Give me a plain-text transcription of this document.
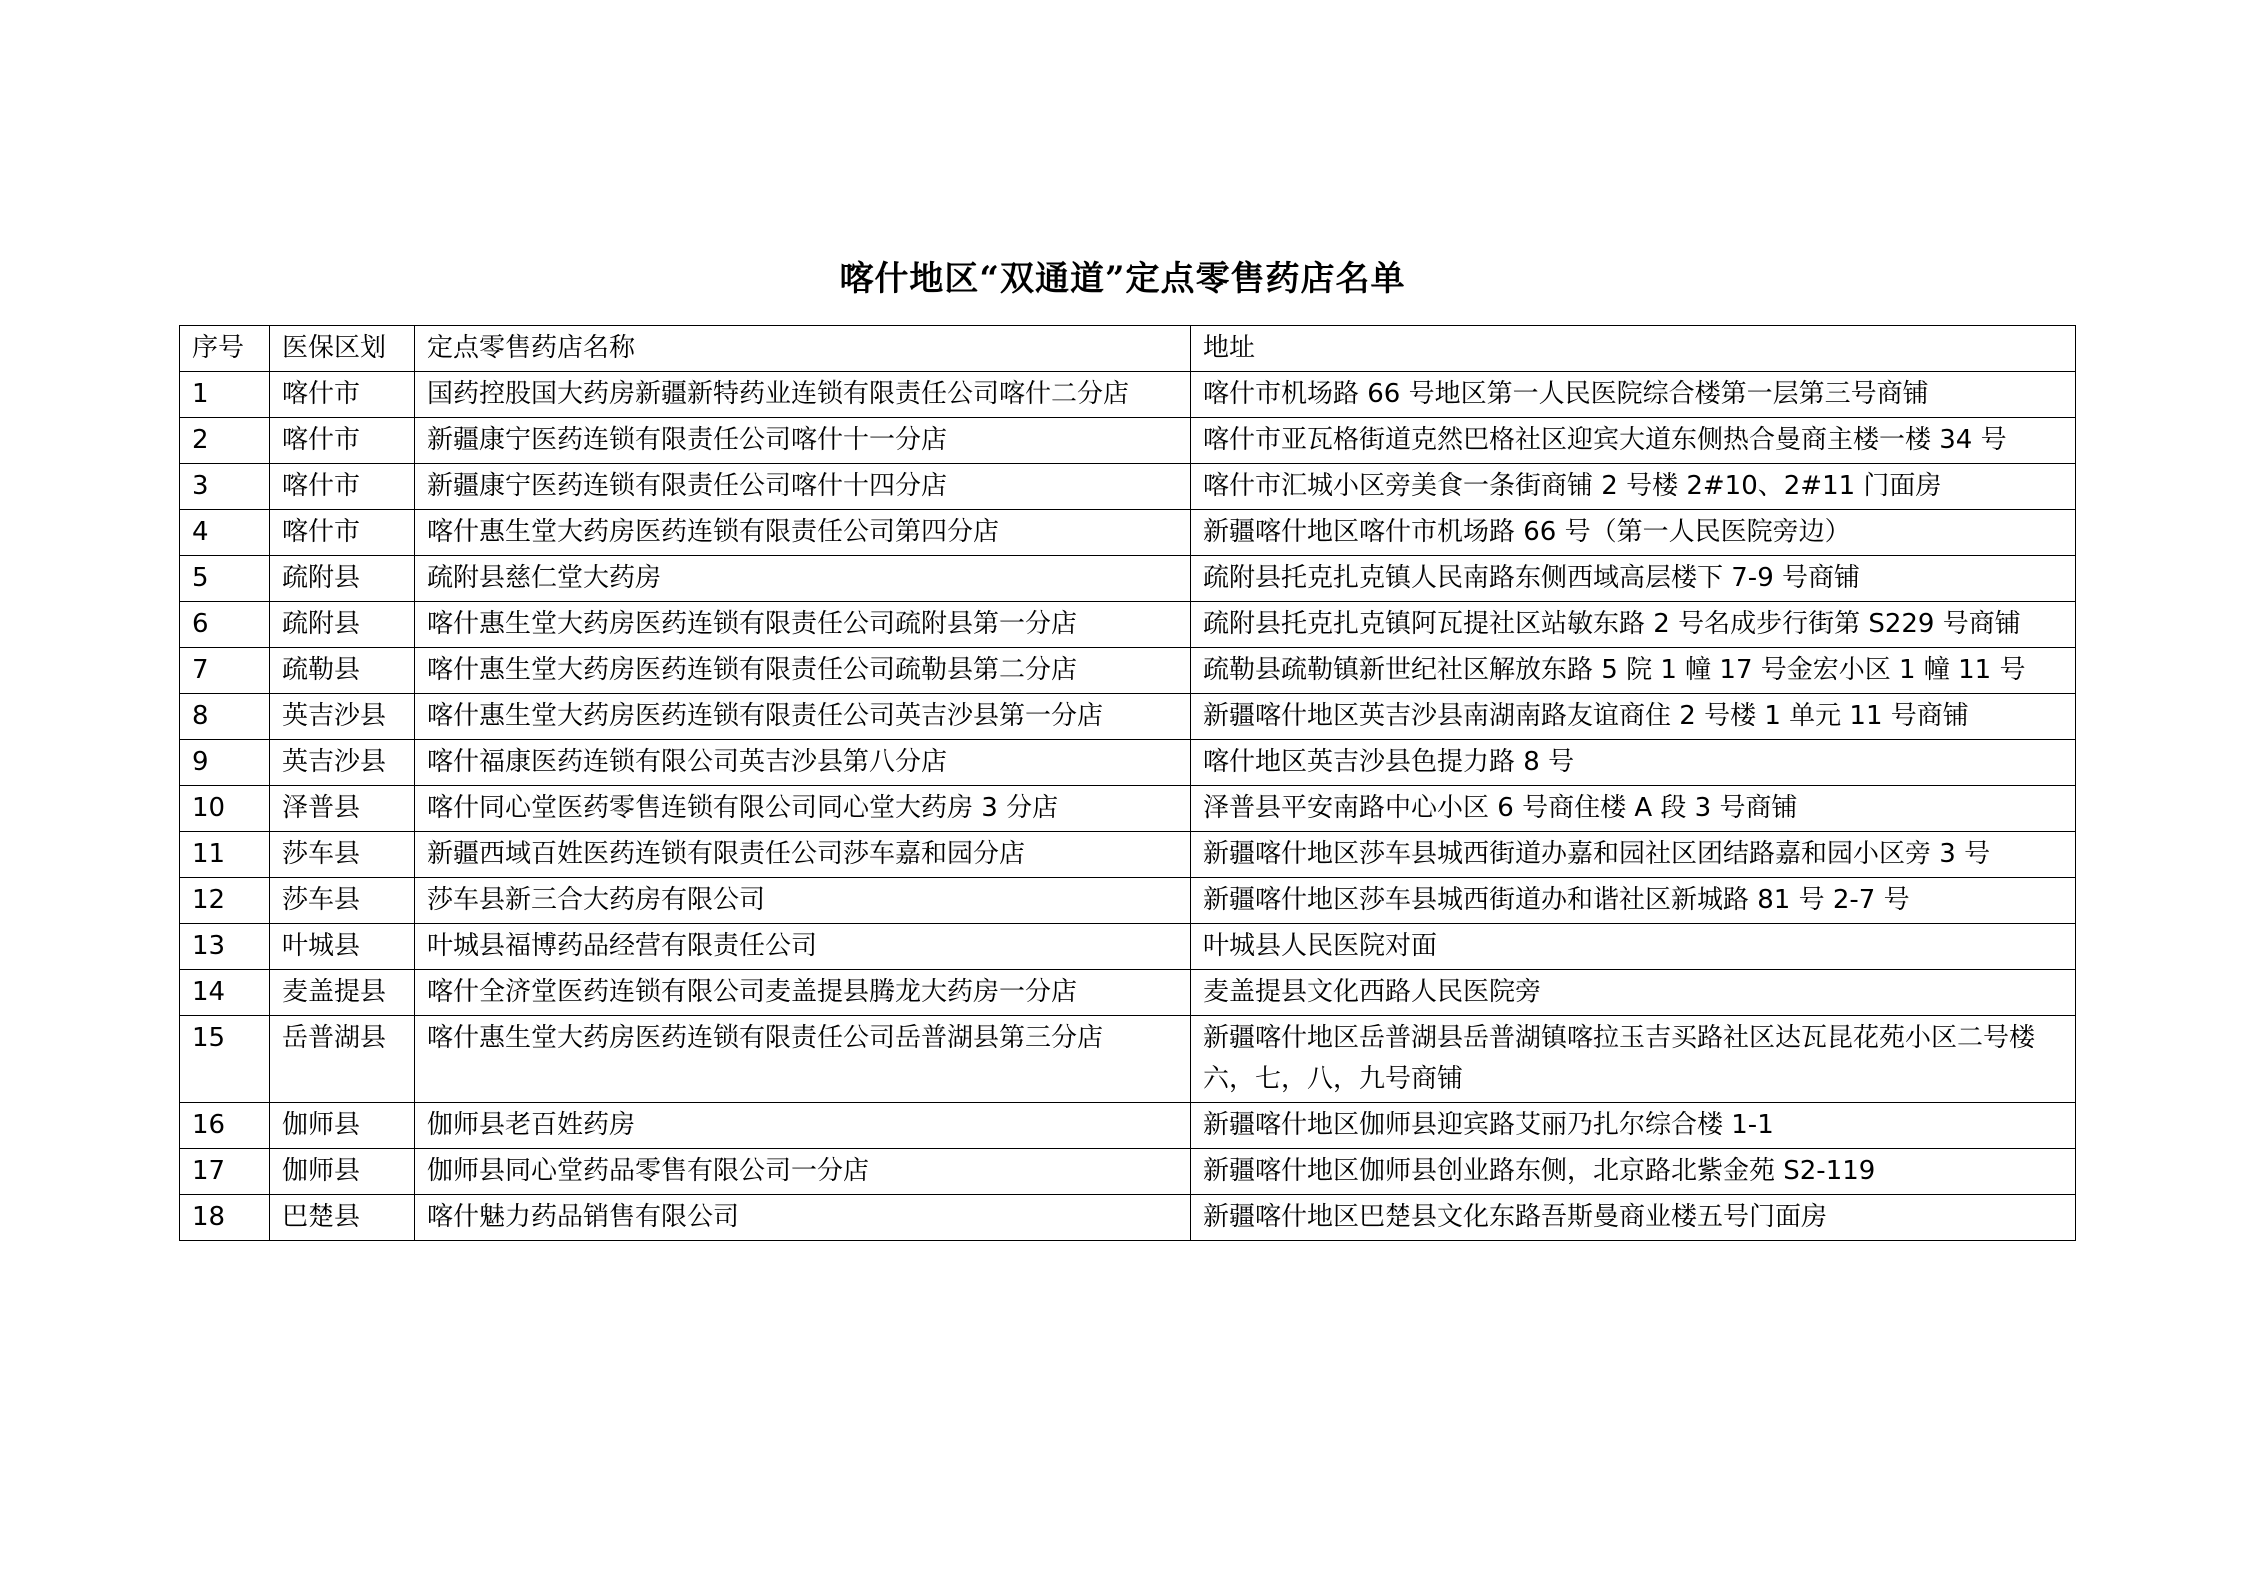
喀什地区“双通道”定点零售药店名单
序号	医保区划	定点零售药店名称	地址
1	喀什市	国药控股国大药房新疆新特药业连锁有限责任公司喀什二分店	喀什市机场路 66 号地区第一人民医院综合楼第一层第三号商铺
2	喀什市	新疆康宁医药连锁有限责任公司喀什十一分店	喀什市亚瓦格街道克然巴格社区迎宾大道东侧热合曼商主楼一楼 34 号
3	喀什市	新疆康宁医药连锁有限责任公司喀什十四分店	喀什市汇城小区旁美食一条街商铺 2 号楼 2#10、2#11 门面房
4	喀什市	喀什惠生堂大药房医药连锁有限责任公司第四分店	新疆喀什地区喀什市机场路 66 号（第一人民医院旁边）
5	疏附县	疏附县慈仁堂大药房	疏附县托克扎克镇人民南路东侧西域高层楼下 7-9 号商铺
6	疏附县	喀什惠生堂大药房医药连锁有限责任公司疏附县第一分店	疏附县托克扎克镇阿瓦提社区站敏东路 2 号名成步行街第 S229 号商铺
7	疏勒县	喀什惠生堂大药房医药连锁有限责任公司疏勒县第二分店	疏勒县疏勒镇新世纪社区解放东路 5 院 1 幢 17 号金宏小区 1 幢 11 号
8	英吉沙县	喀什惠生堂大药房医药连锁有限责任公司英吉沙县第一分店	新疆喀什地区英吉沙县南湖南路友谊商住 2 号楼 1 单元 11 号商铺
9	英吉沙县	喀什福康医药连锁有限公司英吉沙县第八分店	喀什地区英吉沙县色提力路 8 号
10	泽普县	喀什同心堂医药零售连锁有限公司同心堂大药房 3 分店	泽普县平安南路中心小区 6 号商住楼 A 段 3 号商铺
11	莎车县	新疆西域百姓医药连锁有限责任公司莎车嘉和园分店	新疆喀什地区莎车县城西街道办嘉和园社区团结路嘉和园小区旁 3 号
12	莎车县	莎车县新三合大药房有限公司	新疆喀什地区莎车县城西街道办和谐社区新城路 81 号 2-7 号
13	叶城县	叶城县福博药品经营有限责任公司	叶城县人民医院对面
14	麦盖提县	喀什全济堂医药连锁有限公司麦盖提县腾龙大药房一分店	麦盖提县文化西路人民医院旁
15	岳普湖县	喀什惠生堂大药房医药连锁有限责任公司岳普湖县第三分店	新疆喀什地区岳普湖县岳普湖镇喀拉玉吉买路社区达瓦昆花苑小区二号楼六，七，八，九号商铺
16	伽师县	伽师县老百姓药房	新疆喀什地区伽师县迎宾路艾丽乃扎尔综合楼 1-1
17	伽师县	伽师县同心堂药品零售有限公司一分店	新疆喀什地区伽师县创业路东侧，北京路北紫金苑 S2-119
18	巴楚县	喀什魅力药品销售有限公司	新疆喀什地区巴楚县文化东路吾斯曼商业楼五号门面房
